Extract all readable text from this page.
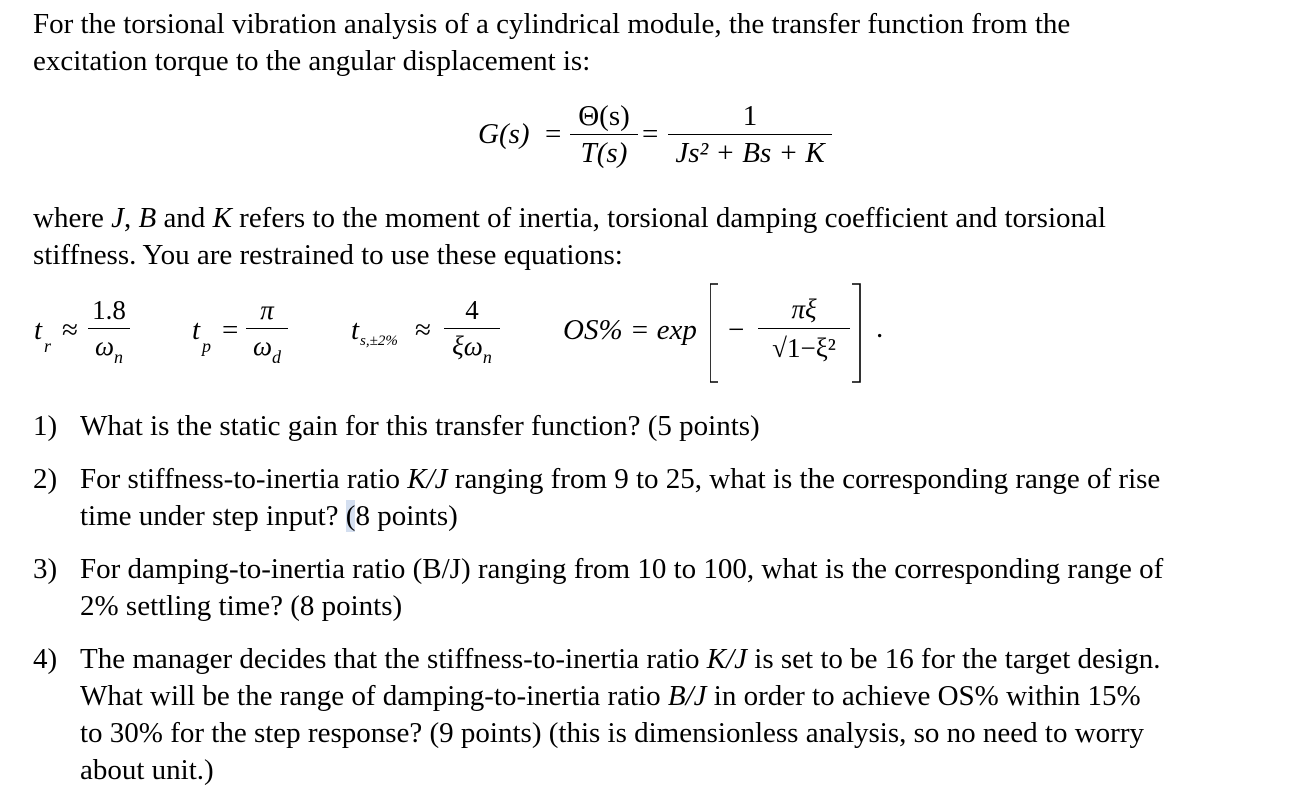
For the torsional vibration analysis of a cylindrical module, the transfer function from the
excitation torque to the angular displacement is:
G(s) =
Θ(s)
T(s)
=
1
Js² + Bs + K
where J, B and K refers to the moment of inertia, torsional damping coefficient and torsional
stiffness. You are restrained to use these equations:
t r ≈
1.8
$\omega_n$
t p =
π
$\omega_d$
t s,±2% ≈
4
$\xi\omega_n$
OS% = exp −
πξ
√1−ξ²
.
1) What is the static gain for this transfer function? (5 points)
2) For stiffness-to-inertia ratio K/J ranging from 9 to 25, what is the corresponding range of rise
time under step input? (8 points)
3) For damping-to-inertia ratio (B/J) ranging from 10 to 100, what is the corresponding range of
2% settling time? (8 points)
4) The manager decides that the stiffness-to-inertia ratio K/J is set to be 16 for the target design.
What will be the range of damping-to-inertia ratio B/J in order to achieve OS% within 15%
to 30% for the step response? (9 points) (this is dimensionless analysis, so no need to worry
about unit.)
